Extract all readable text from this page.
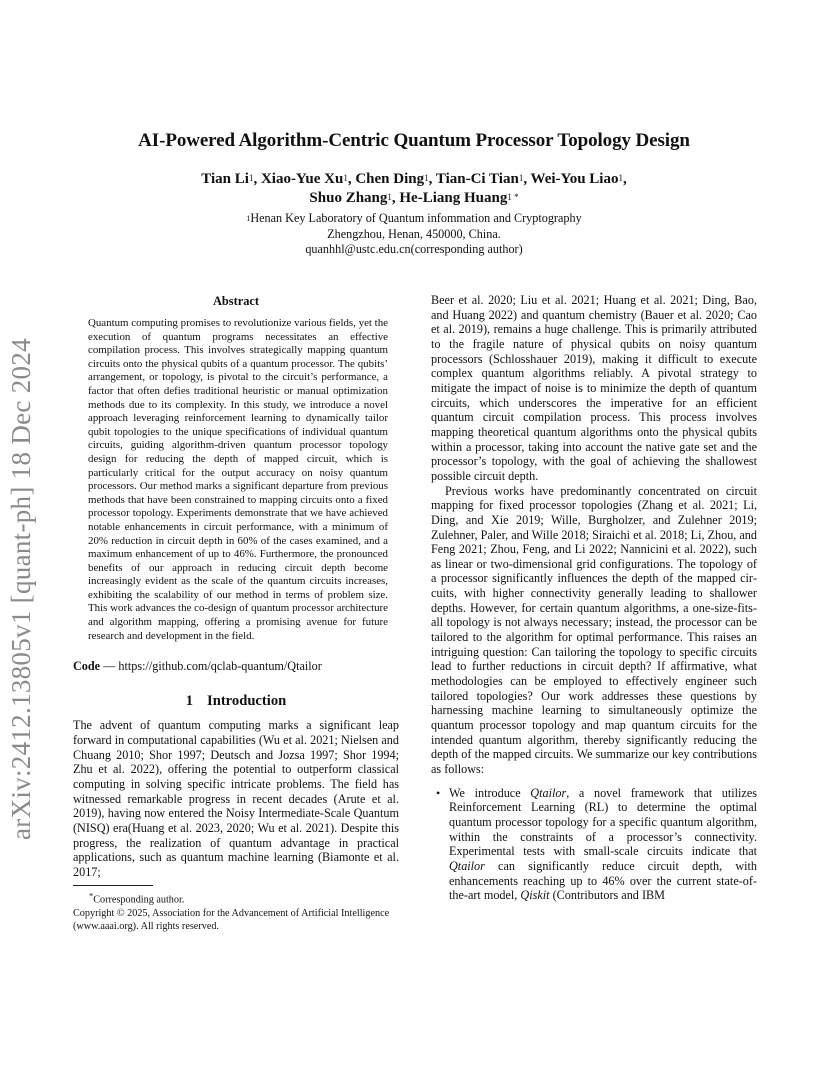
arXiv:2412.13805v1 [quant-ph] 18 Dec 2024
AI-Powered Algorithm-Centric Quantum Processor Topology Design
Tian Li$^1$, Xiao-Yue Xu$^1$, Chen Ding$^1$, Tian-Ci Tian$^1$, Wei-You Liao$^1$,
Shuo Zhang$^1$, He-Liang Huang$^{1 *}$
$^1$Henan Key Laboratory of Quantum infommation and Cryptography
Zhengzhou, Henan, 450000, China.
quanhhl@ustc.edu.cn(corresponding author)
Abstract

Quantum computing promises to revolutionize various fields, yet the execution of quantum programs necessitates an effective compilation process. This involves strategically mapping quantum circuits onto the physical qubits of a quantum processor. The qubits’ arrangement, or topology, is pivotal to the circuit’s performance, a factor that often defies traditional heuristic or manual optimization methods due to its complexity. In this study, we introduce a novel approach leveraging reinforcement learning to dynamically tailor qubit topologies to the unique specifications of individual quantum circuits, guiding algorithm-driven quantum processor topology design for reducing the depth of mapped circuit, which is particularly critical for the output accuracy on noisy quantum processors. Our method marks a significant departure from previous methods that have been constrained to mapping circuits onto a fixed processor topology. Experiments demonstrate that we have achieved notable enhancements in circuit performance, with a minimum of 20% reduction in circuit depth in 60% of the cases examined, and a maximum enhancement of up to 46%. Furthermore, the pronounced benefits of our approach in reducing circuit depth become increasingly evident as the scale of the quantum circuits increases, exhibiting the scalability of our method in terms of problem size. This work advances the co-design of quantum processor architecture and algorithm mapping, offering a promising avenue for future research and development in the field.

Code — https://github.com/qclab-quantum/Qtailor
1 Introduction

The advent of quantum computing marks a significant leap forward in computational capabilities (Wu et al. 2021; Nielsen and Chuang 2010; Shor 1997; Deutsch and Jozsa 1997; Shor 1994; Zhu et al. 2022), offering the potential to outperform classical computing in solving specific intricate problems. The field has witnessed remarkable progress in recent decades (Arute et al. 2019), having now entered the Noisy Intermediate-Scale Quantum (NISQ) era(Huang et al. 2023, 2020; Wu et al. 2021). Despite this progress, the realization of quantum advantage in practical applications, such as quantum machine learning (Biamonte et al. 2017;

*Corresponding author.
Copyright © 2025, Association for the Advancement of Artificial Intelligence (www.aaai.org). All rights reserved.

Beer et al. 2020; Liu et al. 2021; Huang et al. 2021; Ding, Bao, and Huang 2022) and quantum chemistry (Bauer et al. 2020; Cao et al. 2019), remains a huge challenge. This is primarily attributed to the fragile nature of physical qubits on noisy quantum processors (Schlosshauer 2019), making it difficult to execute complex quantum algorithms reliably. A pivotal strategy to mitigate the impact of noise is to minimize the depth of quantum circuits, which underscores the imperative for an efficient quantum circuit compilation process. This process involves mapping theoretical quantum algorithms onto the physical qubits within a processor, taking into account the native gate set and the processor’s topology, with the goal of achieving the shallowest possible circuit depth.

Previous works have predominantly concentrated on circuit mapping for fixed processor topologies (Zhang et al. 2021; Li, Ding, and Xie 2019; Wille, Burgholzer, and Zulehner 2019; Zulehner, Paler, and Wille 2018; Siraichi et al. 2018; Li, Zhou, and Feng 2021; Zhou, Feng, and Li 2022; Nannicini et al. 2022), such as linear or two-dimensional grid configurations. The topology of a processor significantly influences the depth of the mapped circuits, with higher connectivity generally leading to shallower depths. However, for certain quantum algorithms, a one-size-fits-all topology is not always necessary; instead, the processor can be tailored to the algorithm for optimal performance. This raises an intriguing question: Can tailoring the topology to specific circuits lead to further reductions in circuit depth? If affirmative, what methodologies can be employed to effectively engineer such tailored topologies? Our work addresses these questions by harnessing machine learning to simultaneously optimize the quantum processor topology and map quantum circuits for the intended quantum algorithm, thereby significantly reducing the depth of the mapped circuits. We summarize our key contributions as follows:

• We introduce Qtailor, a novel framework that utilizes Reinforcement Learning (RL) to determine the optimal quantum processor topology for a specific quantum algorithm, within the constraints of a processor’s connectivity. Experimental tests with small-scale circuits indicate that Qtailor can significantly reduce circuit depth, with enhancements reaching up to 46% over the current state-of-the-art model, Qiskit (Contributors and IBM
